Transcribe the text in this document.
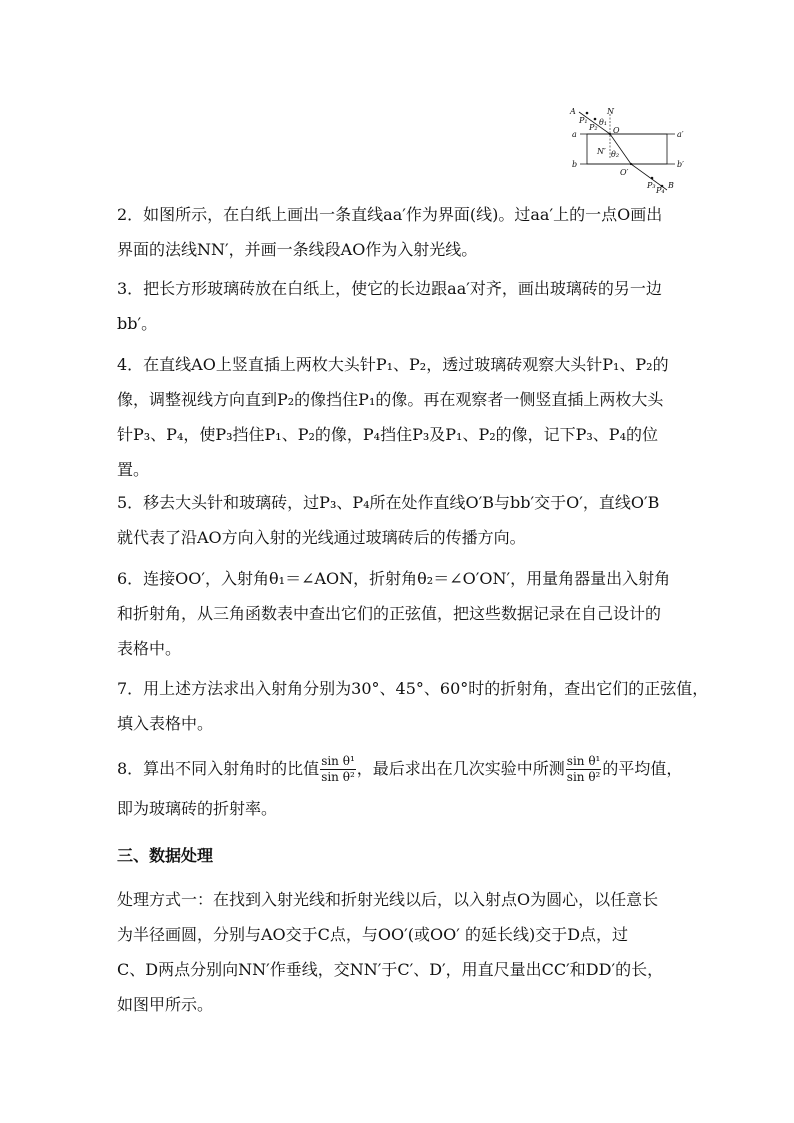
A
P₁
P₂
θ₁
N
O
a	a′
b	b′
N′ θ₂
O′
P₃
P₄
B

2．如图所示，在白纸上画出一条直线aa′作为界面(线)。过aa′上的一点O画出

界面的法线NN′，并画一条线段AO作为入射光线。

3．把长方形玻璃砖放在白纸上，使它的长边跟aa′对齐，画出玻璃砖的另一边

bb′。

4．在直线AO上竖直插上两枚大头针P₁、P₂，透过玻璃砖观察大头针P₁、P₂的

像，调整视线方向直到P₂的像挡住P₁的像。再在观察者一侧竖直插上两枚大头

针P₃、P₄，使P₃挡住P₁、P₂的像，P₄挡住P₃及P₁、P₂的像，记下P₃、P₄的位

置。

5．移去大头针和玻璃砖，过P₃、P₄所在处作直线O′B与bb′交于O′，直线O′B

就代表了沿AO方向入射的光线通过玻璃砖后的传播方向。

6．连接OO′，入射角θ₁＝∠AON，折射角θ₂＝∠O′ON′，用量角器量出入射角

和折射角，从三角函数表中查出它们的正弦值，把这些数据记录在自己设计的

表格中。

7．用上述方法求出入射角分别为30°、45°、60°时的折射角，查出它们的正弦值，

填入表格中。

8．算出不同入射角时的比值 $\frac{\text{sin θ¹}}{\text{sin θ²}}$ ，最后求出在几次实验中所测 $\frac{\text{sin θ¹}}{\text{sin θ²}}$ 的平均值，

即为玻璃砖的折射率。

三、数据处理

处理方式一：在找到入射光线和折射光线以后，以入射点O为圆心，以任意长

为半径画圆，分别与AO交于C点，与OO′(或OO′ 的延长线)交于D点，过

C、D两点分别向NN′作垂线，交NN′于C′、D′，用直尺量出CC′和DD′的长，

如图甲所示。
